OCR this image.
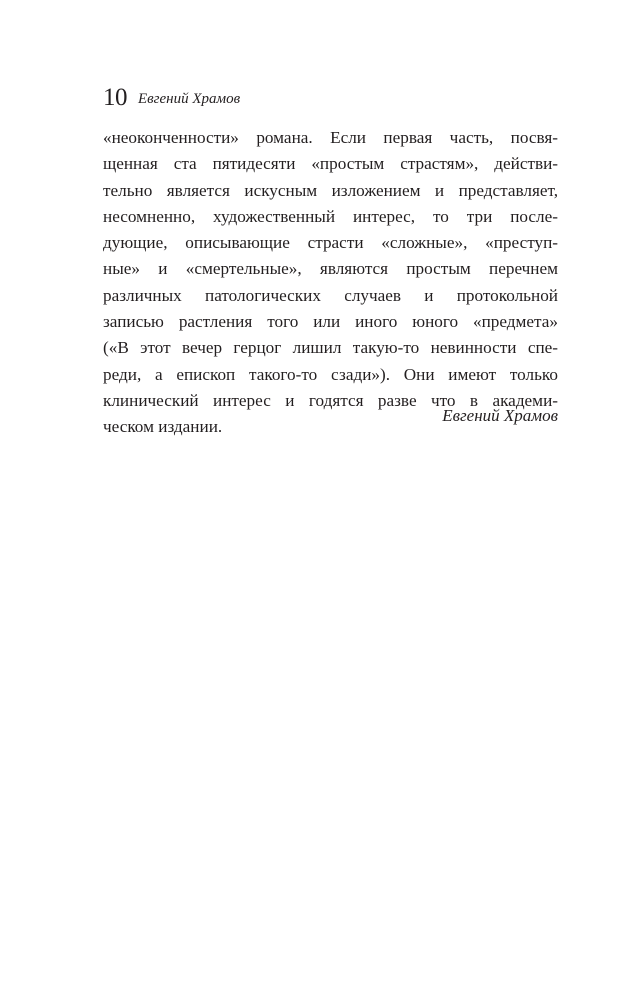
10 Евгений Храмов
«неоконченности» романа. Если первая часть, посвя-
щенная ста пятидесяти «простым страстям», действи-
тельно является искусным изложением и представляет,
несомненно, художественный интерес, то три после-
дующие, описывающие страсти «сложные», «преступ-
ные» и «смертельные», являются простым перечнем
различных патологических случаев и протокольной
записью растления того или иного юного «предмета»
(«В этот вечер герцог лишил такую-то невинности спе-
реди, а епископ такого-то сзади»). Они имеют только
клинический интерес и годятся разве что в академи-
ческом издании.
Евгений Храмов
